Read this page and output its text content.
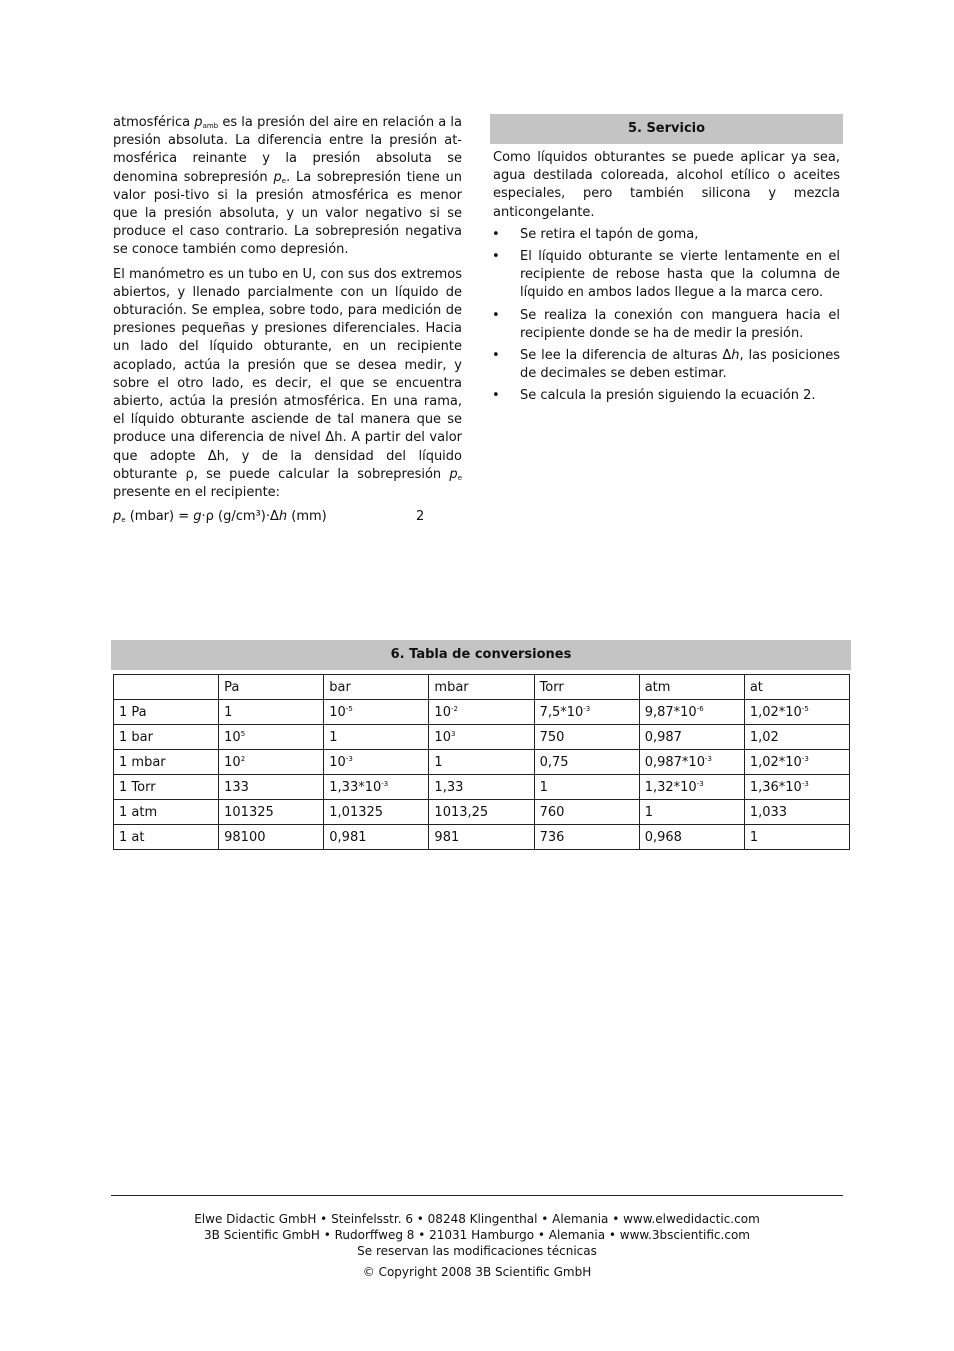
atmosférica $p_{amb}$ es la presión del aire en relación a la presión absoluta. La diferencia entre la presión at-mosférica reinante y la presión absoluta se denomina sobrepresión $p_e$. La sobrepresión tiene un valor posi-tivo si la presión atmosférica es menor que la presión absoluta, y un valor negativo si se produce el caso contrario. La sobrepresión negativa se conoce también como depresión.

El manómetro es un tubo en U, con sus dos extremos abiertos, y llenado parcialmente con un líquido de obturación. Se emplea, sobre todo, para medición de presiones pequeñas y presiones diferenciales. Hacia un lado del líquido obturante, en un recipiente acoplado, actúa la presión que se desea medir, y sobre el otro lado, es decir, el que se encuentra abierto, actúa la presión atmosférica. En una rama, el líquido obturante asciende de tal manera que se produce una diferencia de nivel Δh. A partir del valor que adopte Δh, y de la densidad del líquido obturante ρ, se puede calcular la sobrepresión $p_e$ presente en el recipiente:

$p_e$ (mbar) = g·ρ (g/cm³)·Δh (mm)	2
5. Servicio

Como líquidos obturantes se puede aplicar ya sea, agua destilada coloreada, alcohol etílico o aceites especiales, pero también silicona y mezcla anticongelante.

• Se retira el tapón de goma,
• El líquido obturante se vierte lentamente en el recipiente de rebose hasta que la columna de líquido en ambos lados llegue a la marca cero.
• Se realiza la conexión con manguera hacia el recipiente donde se ha de medir la presión.
• Se lee la diferencia de alturas Δh, las posiciones de decimales se deben estimar.
• Se calcula la presión siguiendo la ecuación 2.
6. Tabla de conversiones
	Pa	bar	mbar	Torr	atm	at
1 Pa	1	$10^{-5}$	$10^{-2}$	$7,5*10^{-3}$	$9,87*10^{-6}$	$1,02*10^{-5}$
1 bar	$10^5$	1	$10^3$	750	0,987	1,02
1 mbar	$10^2$	$10^{-3}$	1	0,75	$0,987*10^{-3}$	$1,02*10^{-3}$
1 Torr	133	$1,33*10^{-3}$	1,33	1	$1,32*10^{-3}$	$1,36*10^{-3}$
1 atm	101325	1,01325	1013,25	760	1	1,033
1 at	98100	0,981	981	736	0,968	1
Elwe Didactic GmbH • Steinfelsstr. 6 • 08248 Klingenthal • Alemania • www.elwedidactic.com
3B Scientific GmbH • Rudorffweg 8 • 21031 Hamburgo • Alemania • www.3bscientific.com
Se reservan las modificaciones técnicas
© Copyright 2008 3B Scientific GmbH
